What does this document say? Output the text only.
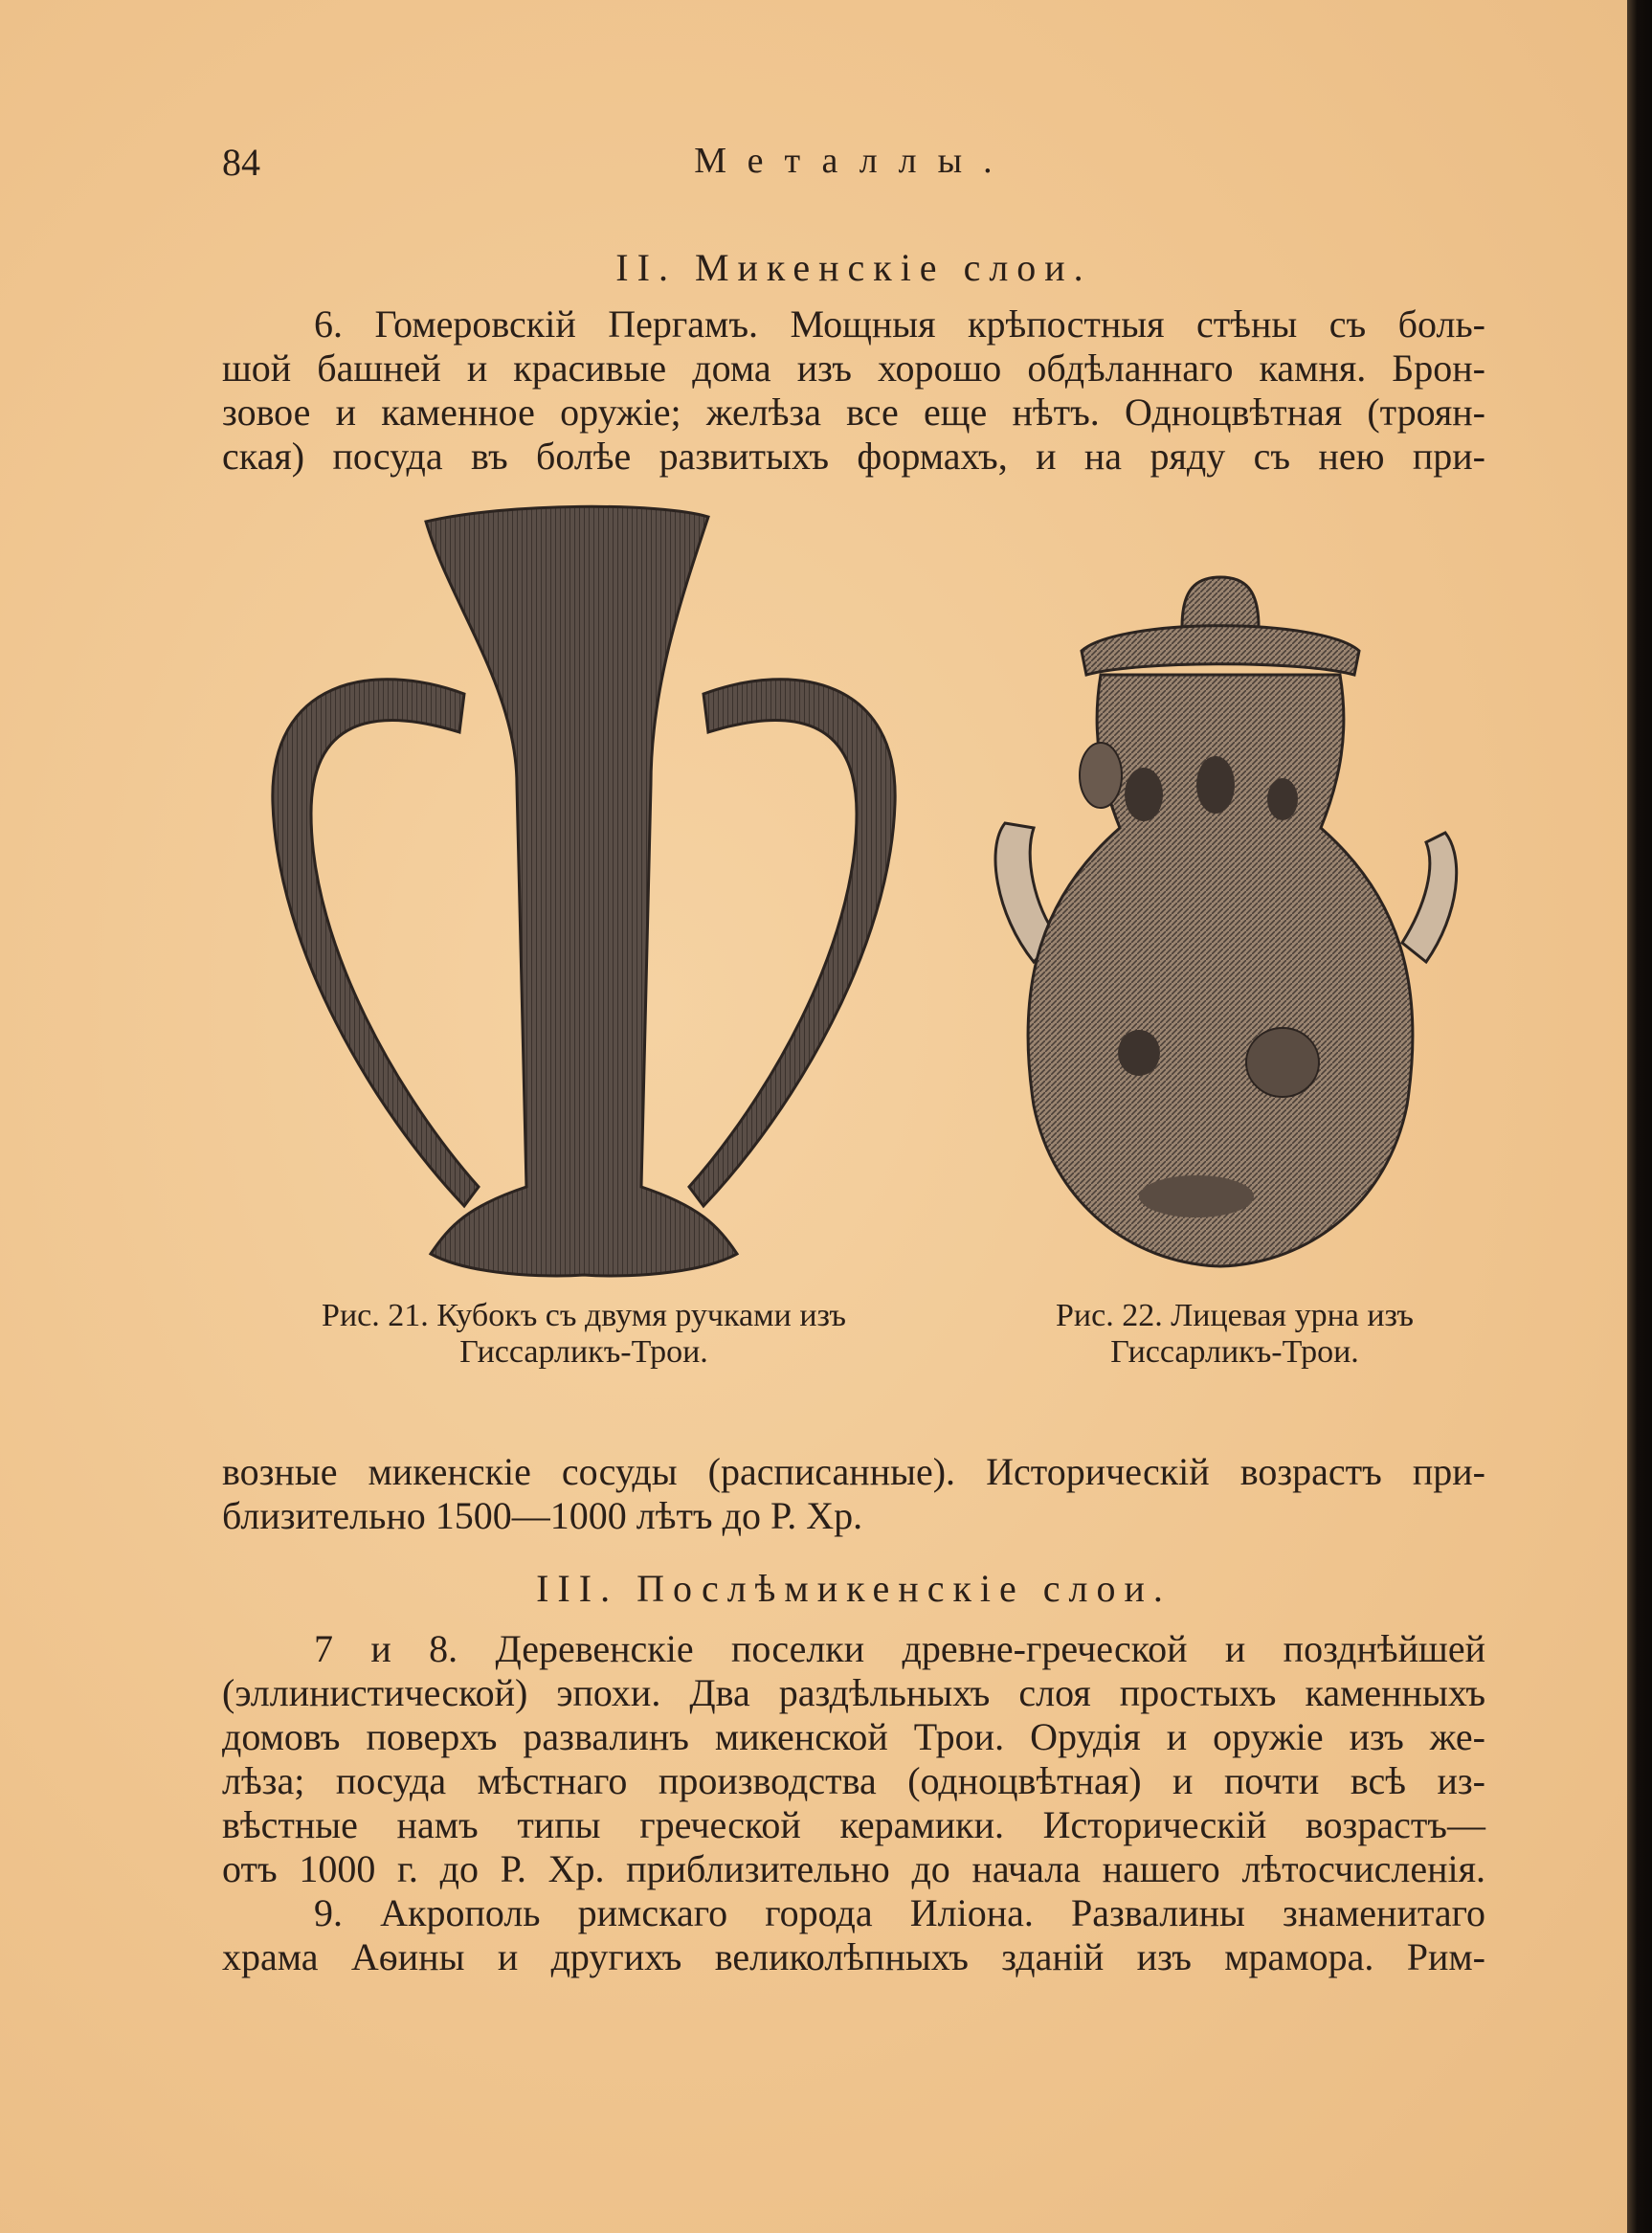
84	Металлы.
II. Микенскіе слои.

6. Гомеровскій Пергамъ. Мощныя крѣпостныя стѣны съ боль-

шой башней и красивые дома изъ хорошо обдѣланнаго камня. Брон-

зовое и каменное оружіе; желѣза все еще нѣтъ. Одноцвѣтная (троян-

ская) посуда въ болѣе развитыхъ формахъ, и на ряду съ нею при-

Рис. 21. Кубокъ съ двумя ручками изъ
Гиссарликъ-Трои.
Рис. 22. Лицевая урна изъ
Гиссарликъ-Трои.

возные микенскіе сосуды (расписанные). Историческій возрастъ при-

близительно 1500—1000 лѣтъ до Р. Хр.

III. Послѣмикенскіе слои.

7 и 8. Деревенскіе поселки древне-греческой и позднѣйшей

(эллинистической) эпохи. Два раздѣльныхъ слоя простыхъ каменныхъ

домовъ поверхъ развалинъ микенской Трои. Орудія и оружіе изъ же-

лѣза; посуда мѣстнаго производства (одноцвѣтная) и почти всѣ из-

вѣстные намъ типы греческой керамики. Историческій возрастъ—

отъ 1000 г. до Р. Хр. приблизительно до начала нашего лѣтосчисленія.

9. Акрополь римскаго города Иліона. Развалины знаменитаго

храма Аѳины и другихъ великолѣпныхъ зданій изъ мрамора. Рим-
